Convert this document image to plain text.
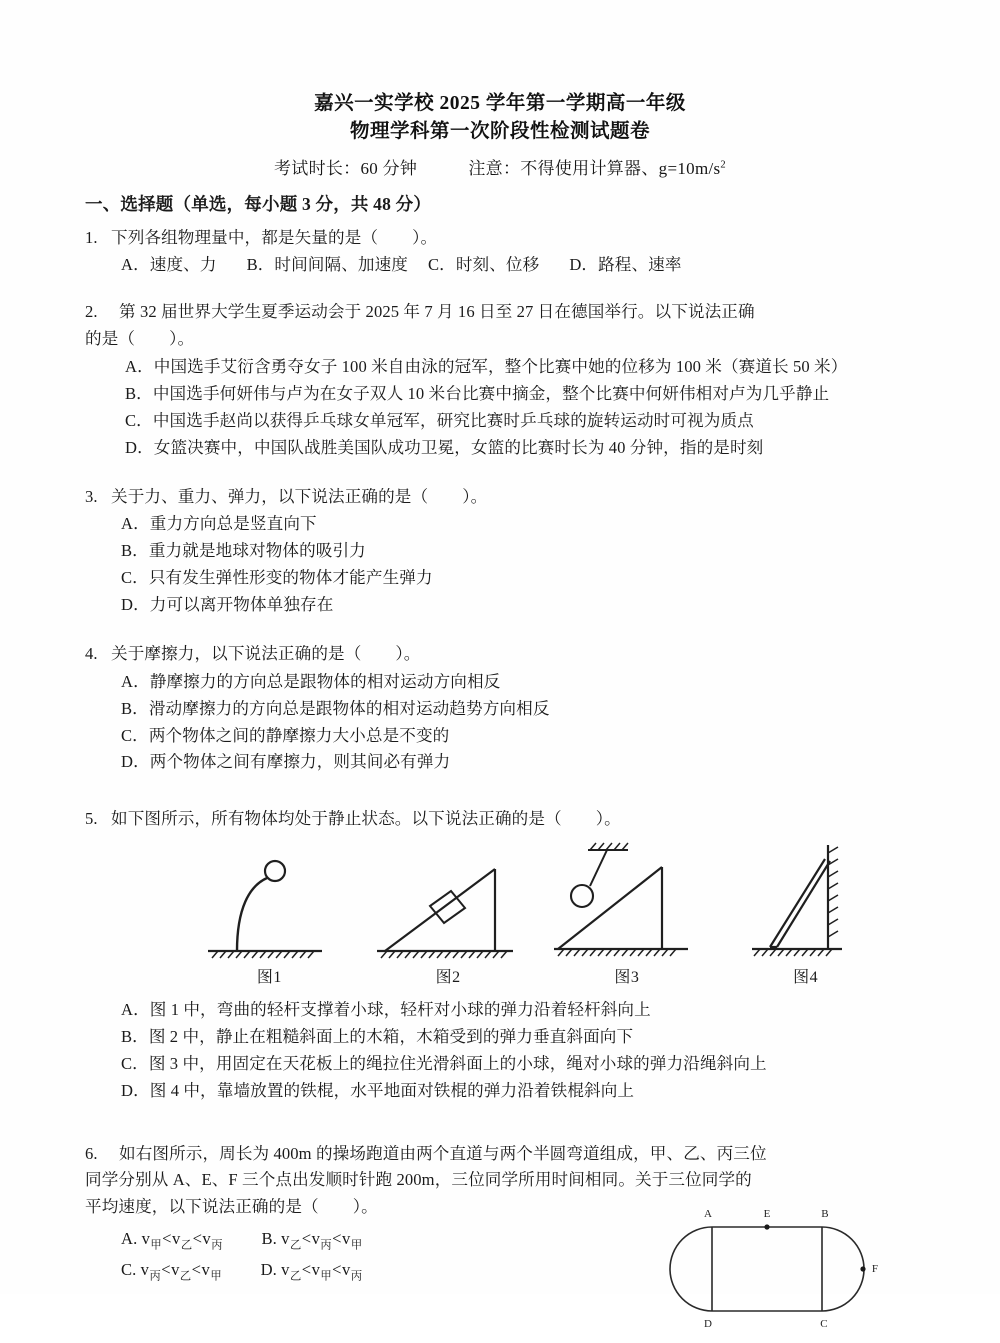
嘉兴一实学校 2025 学年第一学期高一年级
物理学科第一次阶段性检测试题卷
考试时长：60 分钟	注意：不得使用计算器、$g=10m/s^2$
一、选择题（单选，每小题 3 分，共 48 分）
1. 下列各组物理量中，都是矢量的是（ ）。
A．速度、力 B．时间间隔、加速度 C．时刻、位移 D．路程、速率
2.	第 32 届世界大学生夏季运动会于 2025 年 7 月 16 日至 27 日在德国举行。以下说法正确
的是（ ）。
A．中国选手艾衍含勇夺女子 100 米自由泳的冠军，整个比赛中她的位移为 100 米（赛道长 50 米）
B．中国选手何妍伟与卢为在女子双人 10 米台比赛中摘金，整个比赛中何妍伟相对卢为几乎静止
C．中国选手赵尚以获得乒乓球女单冠军，研究比赛时乒乓球的旋转运动时可视为质点
D．女篮决赛中，中国队战胜美国队成功卫冕，女篮的比赛时长为 40 分钟，指的是时刻
3. 关于力、重力、弹力，以下说法正确的是（ ）。
A．重力方向总是竖直向下
B．重力就是地球对物体的吸引力
C．只有发生弹性形变的物体才能产生弹力
D．力可以离开物体单独存在
4. 关于摩擦力，以下说法正确的是（ ）。
A．静摩擦力的方向总是跟物体的相对运动方向相反
B．滑动摩擦力的方向总是跟物体的相对运动趋势方向相反
C．两个物体之间的静摩擦力大小总是不变的
D．两个物体之间有摩擦力，则其间必有弹力
5. 如下图所示，所有物体均处于静止状态。以下说法正确的是（ ）。
图1	图2	图3	图4
A．图 1 中，弯曲的轻杆支撑着小球，轻杆对小球的弹力沿着轻杆斜向上
B．图 2 中，静止在粗糙斜面上的木箱，木箱受到的弹力垂直斜面向下
C．图 3 中，用固定在天花板上的绳拉住光滑斜面上的小球，绳对小球的弹力沿绳斜向上
D．图 4 中，靠墙放置的铁棍，水平地面对铁棍的弹力沿着铁棍斜向上
6.	如右图所示，周长为 400m 的操场跑道由两个直道与两个半圆弯道组成，甲、乙、丙三位
同学分别从 A、E、F 三个点出发顺时针跑 200m，三位同学所用时间相同。关于三位同学的
平均速度，以下说法正确的是（ ）。
A. $v_甲<v_乙<v_丙$ B. $v_乙<v_丙<v_甲$
C. $v_丙<v_乙<v_甲$ D. $v_乙<v_甲<v_丙$
A	E	B
D	C
F
